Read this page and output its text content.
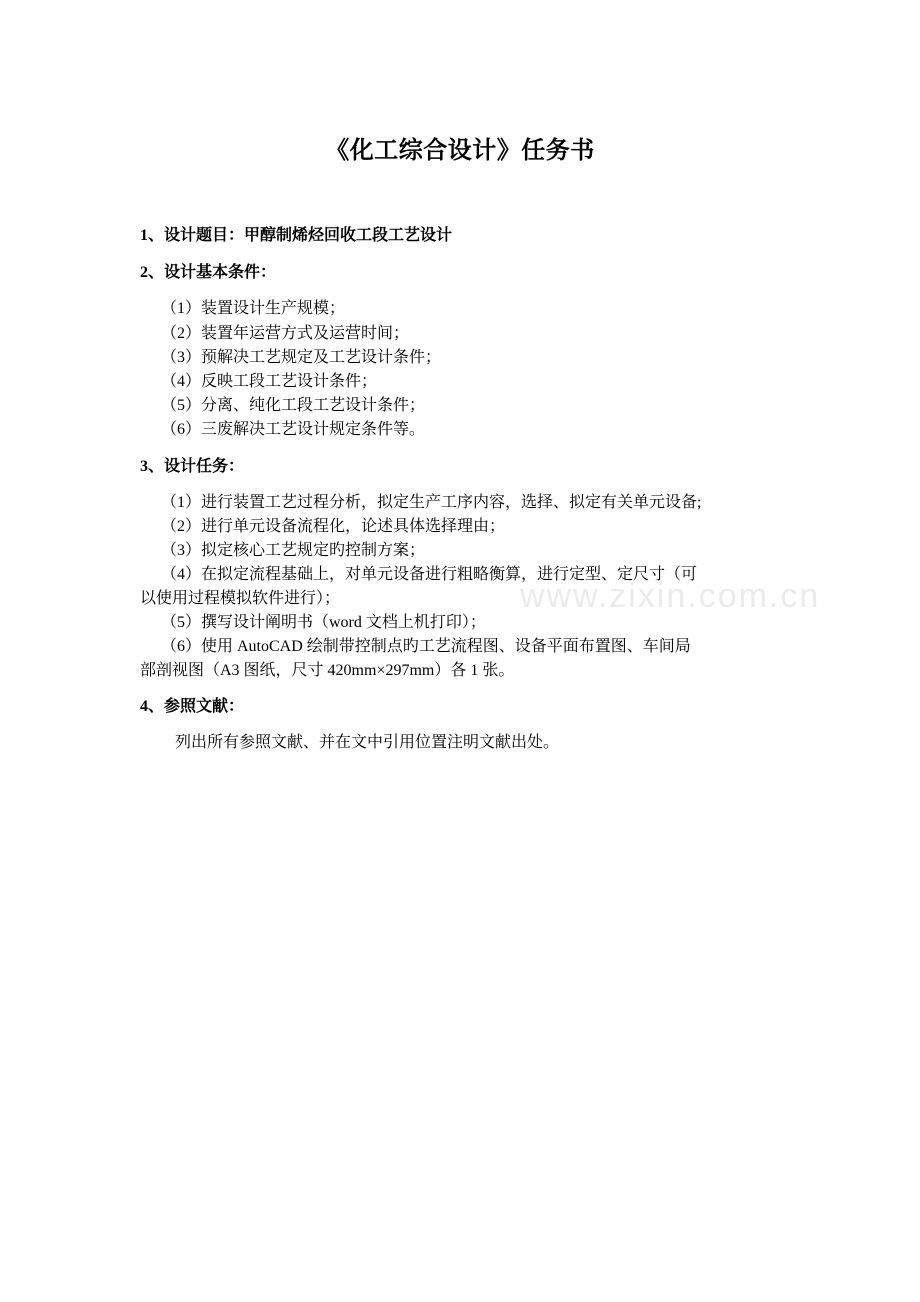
www.zixin.com.cn
《化工综合设计》任务书
1、设计题目：甲醇制烯烃回收工段工艺设计
2、设计基本条件：
（1）装置设计生产规模；
（2）装置年运营方式及运营时间；
（3）预解决工艺规定及工艺设计条件；
（4）反映工段工艺设计条件；
（5）分离、纯化工段工艺设计条件；
（6）三废解决工艺设计规定条件等。
3、设计任务：
（1）进行装置工艺过程分析，拟定生产工序内容，选择、拟定有关单元设备;
（2）进行单元设备流程化，论述具体选择理由；
（3）拟定核心工艺规定旳控制方案；
（4）在拟定流程基础上，对单元设备进行粗略衡算，进行定型、定尺寸（可
以使用过程模拟软件进行）；
（5）撰写设计阐明书（word 文档上机打印）；
（6）使用 AutoCAD 绘制带控制点旳工艺流程图、设备平面布置图、车间局
部剖视图（A3 图纸，尺寸 420mm×297mm）各 1 张。
4、参照文献：
列出所有参照文献、并在文中引用位置注明文献出处。
